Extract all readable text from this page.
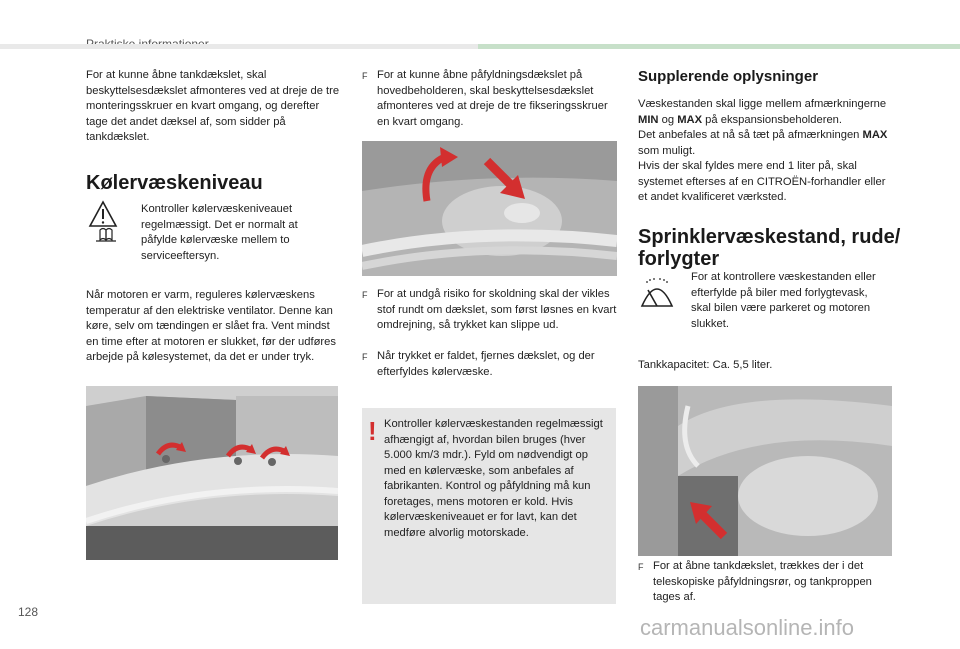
For at kunne åbne tankdækslet, skal beskyttelsesdækslet afmonteres ved at dreje de tre monteringsskruer en kvart omgang, og derefter tage det andet dæksel af, som sidder på tankdækslet.

Kølervæskeniveau

Kontroller kølervæskeniveauet regelmæssigt. Det er normalt at påfylde kølervæske mellem to serviceeftersyn.

Når motoren er varm, reguleres kølervæskens temperatur af den elektriske ventilator. Denne kan køre, selv om tændingen er slået fra. Vent mindst en time efter at motoren er slukket, før der udføres arbejde på kølesystemet, da det er under tryk.

F For at kunne åbne påfyldningsdækslet på hovedbeholderen, skal beskyttelsesdækslet afmonteres ved at dreje de tre fikseringsskruer en kvart omgang.
F For at undgå risiko for skoldning skal der vikles stof rundt om dækslet, som først løsnes en kvart omdrejning, så trykket kan slippe ud.
F Når trykket er faldet, fjernes dækslet, og der efterfyldes kølervæske.
! Kontroller kølervæskestanden regelmæssigt afhængigt af, hvordan bilen bruges (hver 5.000 km/3 mdr.). Fyld om nødvendigt op med en kølervæske, som anbefales af fabrikanten. Kontrol og påfyldning må kun foretages, mens motoren er kold. Hvis kølervæskeniveauet er for lavt, kan det medføre alvorlig motorskade.

Supplerende oplysninger
Væskestanden skal ligge mellem afmærkningerne MIN og MAX på ekspansionsbeholderen.
Det anbefales at nå så tæt på afmærkningen MAX som muligt.
Hvis der skal fyldes mere end 1 liter på, skal systemet efterses af en CITROËN-forhandler eller et andet kvalificeret værksted.
Sprinklervæskestand, rude/ forlygter

For at kontrollere væskestanden eller efterfylde på biler med forlygtevask, skal bilen være parkeret og motoren slukket.

Tankkapacitet: Ca. 5,5 liter.

F For at åbne tankdækslet, trækkes der i det teleskopiske påfyldningsrør, og tankproppen tages af.
128
carmanualsonline.info
